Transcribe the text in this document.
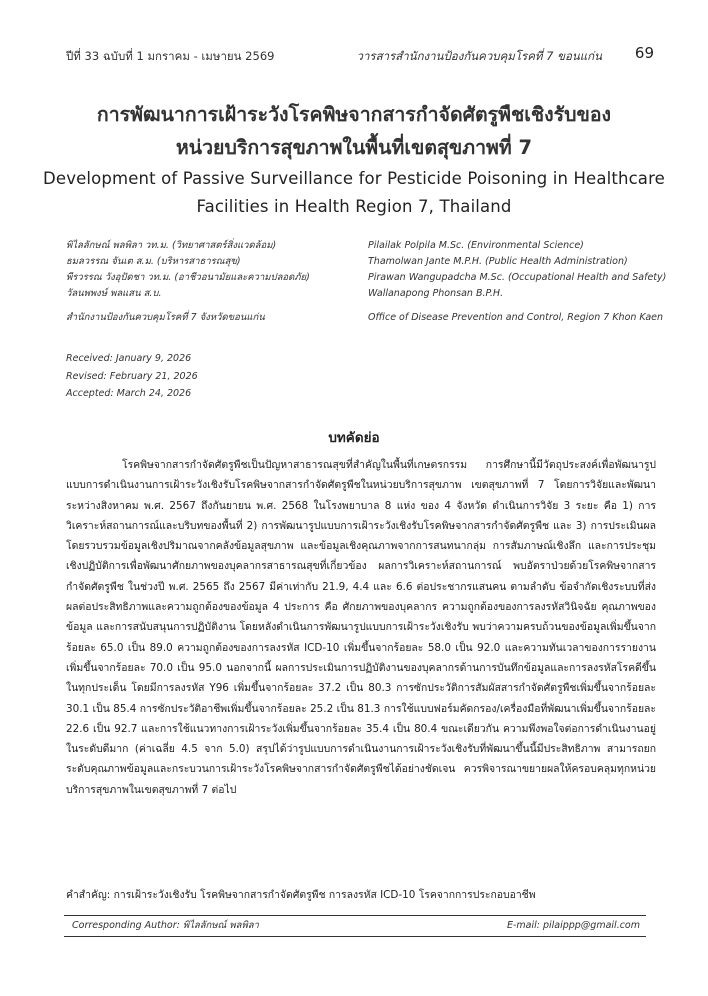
ปีที่ 33 ฉบับที่ 1 มกราคม - เมษายน 2569	วารสารสำนักงานป้องกันควบคุมโรคที่ 7 ขอนแก่น 69
การพัฒนาการเฝ้าระวังโรคพิษจากสารกำจัดศัตรูพืชเชิงรับของ
หน่วยบริการสุขภาพในพื้นที่เขตสุขภาพที่ 7
Development of Passive Surveillance for Pesticide Poisoning in Healthcare
Facilities in Health Region 7, Thailand
พิไลลักษณ์ พลพิลา วท.ม. (วิทยาศาสตร์สิ่งแวดล้อม)	Pilailak Polpila M.Sc. (Environmental Science)
ธมลวรรณ จันเต ส.ม. (บริหารสาธารณสุข)	Thamolwan Jante M.P.H. (Public Health Administration)
พีรวรรณ วังอุปัดชา วท.ม. (อาชีวอนามัยและความปลอดภัย)	Pirawan Wangupadcha M.Sc. (Occupational Health and Safety)
วัลนพพงษ์ พลแสน ส.บ.	Wallanapong Phonsan B.P.H.
สำนักงานป้องกันควบคุมโรคที่ 7 จังหวัดขอนแก่น	Office of Disease Prevention and Control, Region 7 Khon Kaen
Received: January 9, 2026
Revised: February 21, 2026
Accepted: March 24, 2026
บทคัดย่อ

โรคพิษจากสารกำจัดศัตรูพืชเป็นปัญหาสาธารณสุขที่สำคัญในพื้นที่เกษตรกรรม การศึกษานี้มีวัตถุประสงค์เพื่อพัฒนารูปแบบการดำเนินงานการเฝ้าระวังเชิงรับโรคพิษจากสารกำจัดศัตรูพืชในหน่วยบริการสุขภาพ เขตสุขภาพที่ 7 โดยการวิจัยและพัฒนา ระหว่างสิงหาคม พ.ศ. 2567 ถึงกันยายน พ.ศ. 2568 ในโรงพยาบาล 8 แห่ง ของ 4 จังหวัด ดำเนินการวิจัย 3 ระยะ คือ 1) การวิเคราะห์สถานการณ์และบริบทของพื้นที่ 2) การพัฒนารูปแบบการเฝ้าระวังเชิงรับโรคพิษจากสารกำจัดศัตรูพืช และ 3) การประเมินผล โดยรวบรวมข้อมูลเชิงปริมาณจากคลังข้อมูลสุขภาพ และข้อมูลเชิงคุณภาพจากการสนทนากลุ่ม การสัมภาษณ์เชิงลึก และการประชุมเชิงปฏิบัติการเพื่อพัฒนาศักยภาพของบุคลากรสาธารณสุขที่เกี่ยวข้อง ผลการวิเคราะห์สถานการณ์ พบอัตราป่วยด้วยโรคพิษจากสารกำจัดศัตรูพืช ในช่วงปี พ.ศ. 2565 ถึง 2567 มีค่าเท่ากับ 21.9, 4.4 และ 6.6 ต่อประชากรแสนคน ตามลำดับ ข้อจำกัดเชิงระบบที่ส่งผลต่อประสิทธิภาพและความถูกต้องของข้อมูล 4 ประการ คือ ศักยภาพของบุคลากร ความถูกต้องของการลงรหัสวินิจฉัย คุณภาพของข้อมูล และการสนับสนุนการปฏิบัติงาน โดยหลังดำเนินการพัฒนารูปแบบการเฝ้าระวังเชิงรับ พบว่าความครบถ้วนของข้อมูลเพิ่มขึ้นจากร้อยละ 65.0 เป็น 89.0 ความถูกต้องของการลงรหัส ICD-10 เพิ่มขึ้นจากร้อยละ 58.0 เป็น 92.0 และความทันเวลาของการรายงานเพิ่มขึ้นจากร้อยละ 70.0 เป็น 95.0 นอกจากนี้ ผลการประเมินการปฏิบัติงานของบุคลากรด้านการบันทึกข้อมูลและการลงรหัสโรคดีขึ้นในทุกประเด็น โดยมีการลงรหัส Y96 เพิ่มขึ้นจากร้อยละ 37.2 เป็น 80.3 การซักประวัติการสัมผัสสารกำจัดศัตรูพืชเพิ่มขึ้นจากร้อยละ 30.1 เป็น 85.4 การซักประวัติอาชีพเพิ่มขึ้นจากร้อยละ 25.2 เป็น 81.3 การใช้แบบฟอร์มคัดกรอง/เครื่องมือที่พัฒนาเพิ่มขึ้นจากร้อยละ 22.6 เป็น 92.7 และการใช้แนวทางการเฝ้าระวังเพิ่มขึ้นจากร้อยละ 35.4 เป็น 80.4 ขณะเดียวกัน ความพึงพอใจต่อการดำเนินงานอยู่ในระดับดีมาก (ค่าเฉลี่ย 4.5 จาก 5.0) สรุปได้ว่ารูปแบบการดำเนินงานการเฝ้าระวังเชิงรับที่พัฒนาขึ้นนี้มีประสิทธิภาพ สามารถยกระดับคุณภาพข้อมูลและกระบวนการเฝ้าระวังโรคพิษจากสารกำจัดศัตรูพืชได้อย่างชัดเจน ควรพิจารณาขยายผลให้ครอบคลุมทุกหน่วยบริการสุขภาพในเขตสุขภาพที่ 7 ต่อไป

คำสำคัญ: การเฝ้าระวังเชิงรับ โรคพิษจากสารกำจัดศัตรูพืช การลงรหัส ICD-10 โรคจากการประกอบอาชีพ
Corresponding Author: พิไลลักษณ์ พลพิลา	E-mail: pilaippp@gmail.com
